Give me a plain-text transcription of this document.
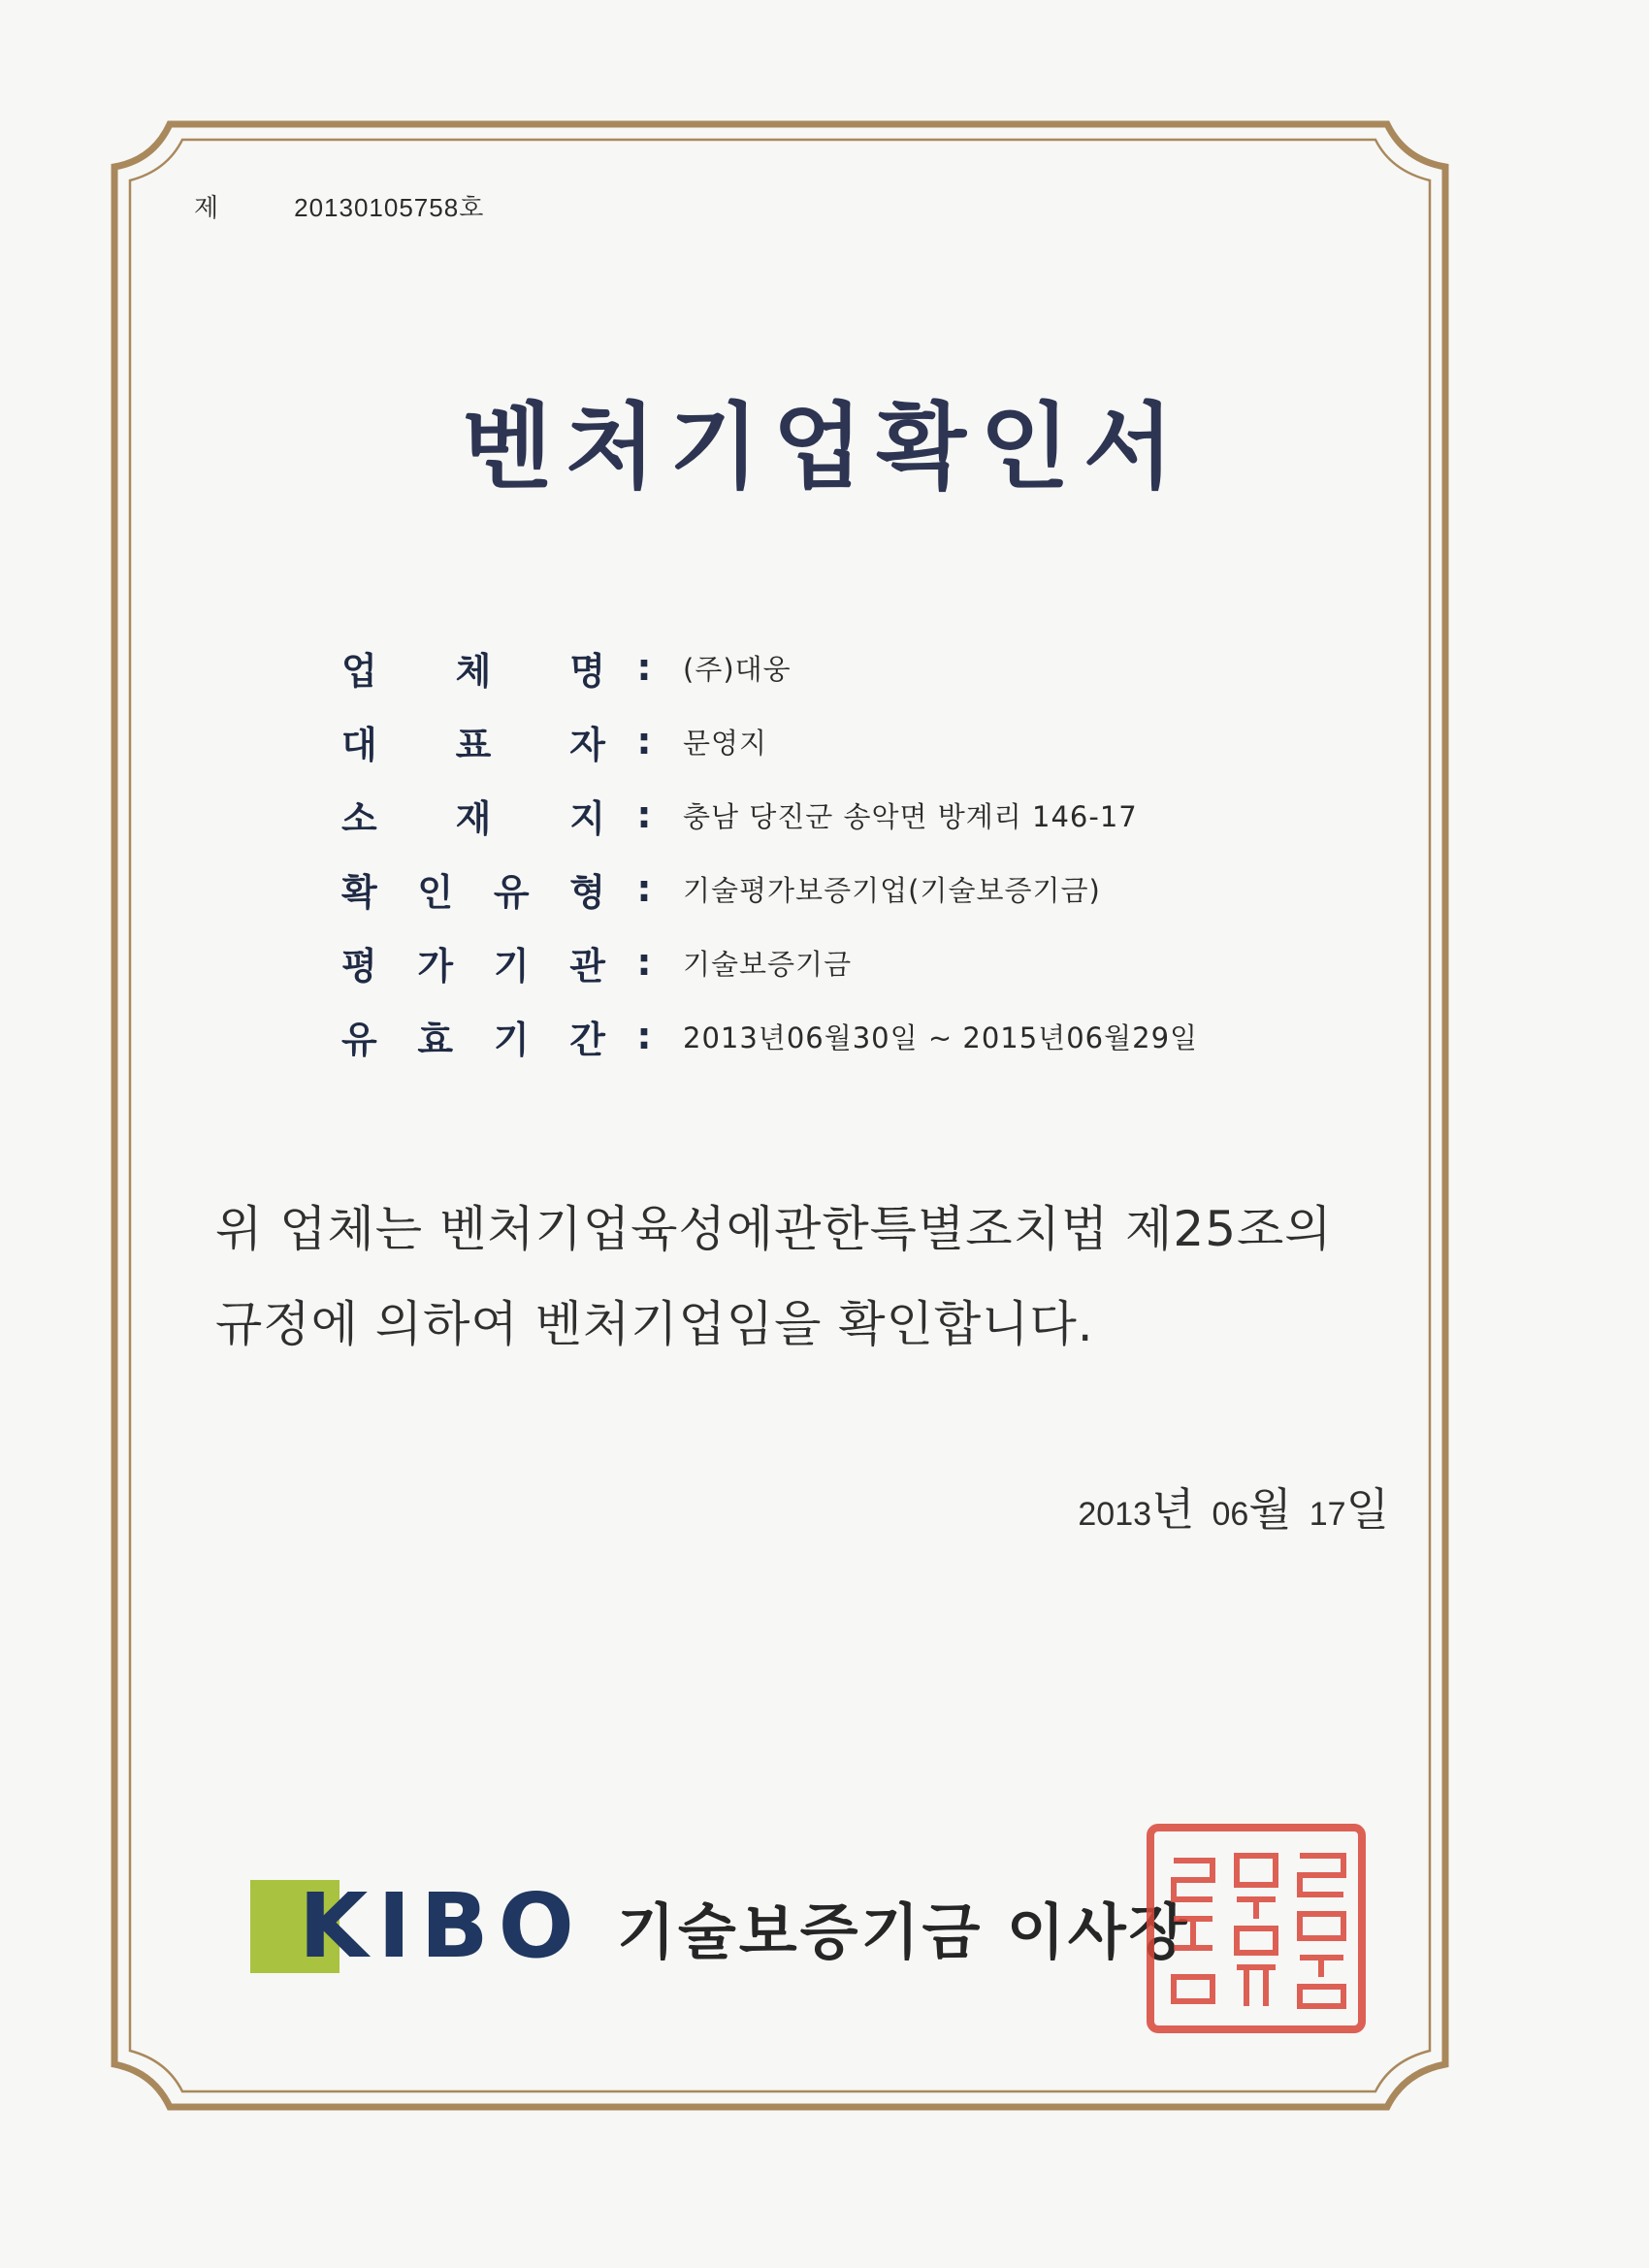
제	20130105758호
벤처기업확인서
업 체 명 :	(주)대웅
대 표 자 :	문영지
소 재 지 :	충남 당진군 송악면 방계리 146-17
확 인 유 형 :	기술평가보증기업(기술보증기금)
평 가 기 관 :	기술보증기금
유 효 기 간 :	2013년06월30일 ~ 2015년06월29일
위 업체는 벤처기업육성에관한특별조치법 제25조의
규정에 의하여 벤처기업임을 확인합니다.
2013년 06월 17일
KIBO 기술보증기금 이사장
